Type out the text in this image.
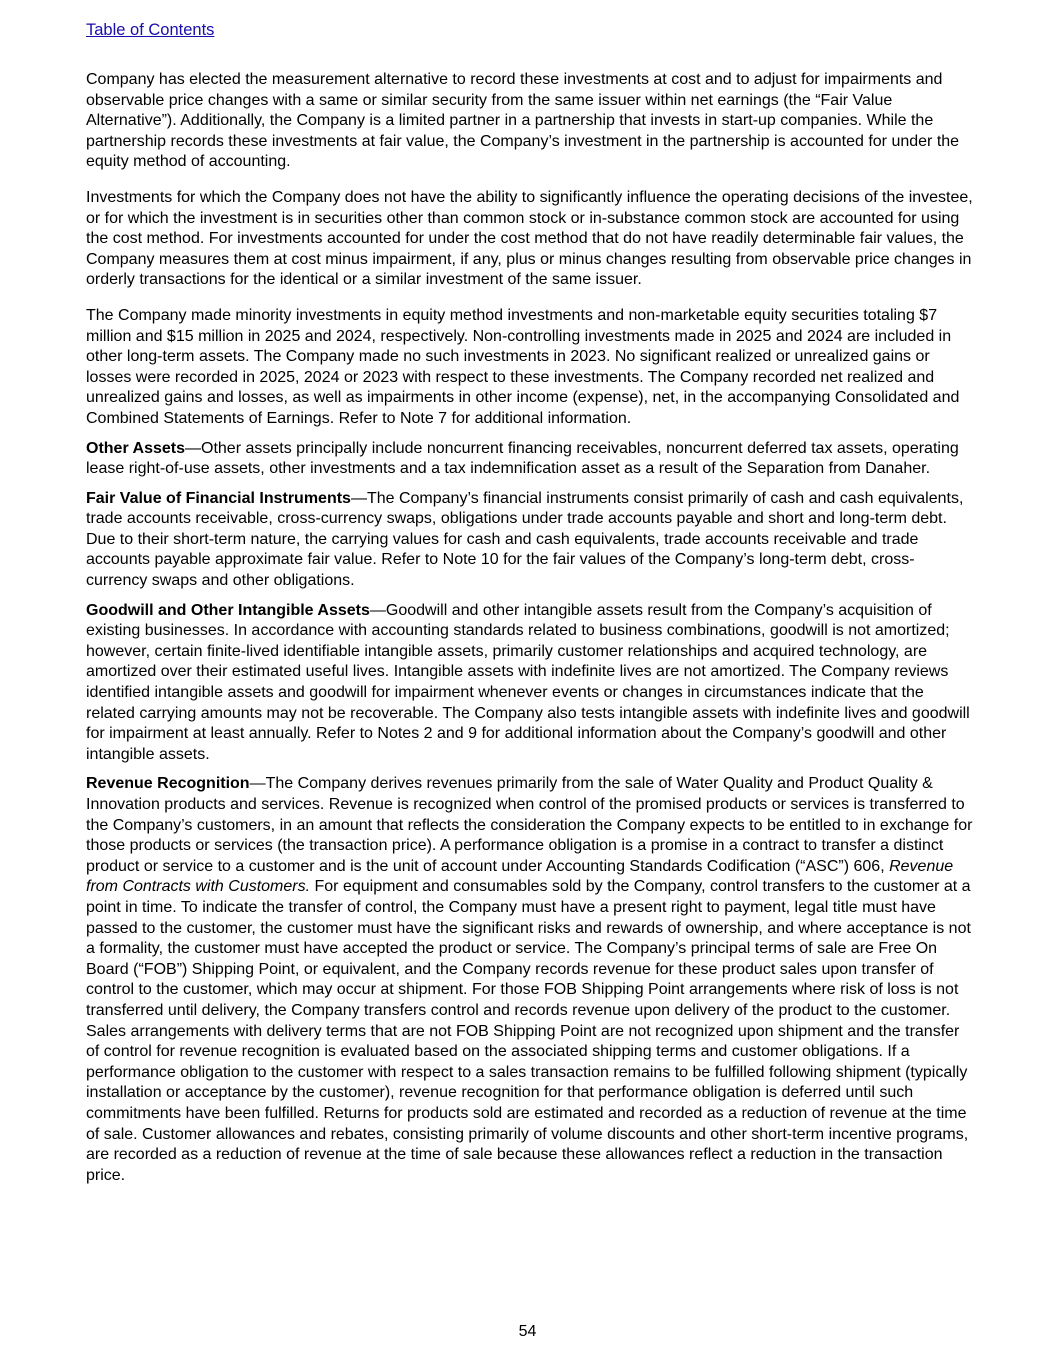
Table of Contents

Company has elected the measurement alternative to record these investments at cost and to adjust for impairments and observable price changes with a same or similar security from the same issuer within net earnings (the “Fair Value Alternative”). Additionally, the Company is a limited partner in a partnership that invests in start-up companies. While the partnership records these investments at fair value, the Company’s investment in the partnership is accounted for under the equity method of accounting.

Investments for which the Company does not have the ability to significantly influence the operating decisions of the investee, or for which the investment is in securities other than common stock or in-substance common stock are accounted for using the cost method. For investments accounted for under the cost method that do not have readily determinable fair values, the Company measures them at cost minus impairment, if any, plus or minus changes resulting from observable price changes in orderly transactions for the identical or a similar investment of the same issuer.

The Company made minority investments in equity method investments and non-marketable equity securities totaling $7 million and $15 million in 2025 and 2024, respectively. Non-controlling investments made in 2025 and 2024 are included in other long-term assets. The Company made no such investments in 2023. No significant realized or unrealized gains or losses were recorded in 2025, 2024 or 2023 with respect to these investments. The Company recorded net realized and unrealized gains and losses, as well as impairments in other income (expense), net, in the accompanying Consolidated and Combined Statements of Earnings. Refer to Note 7 for additional information.

Other Assets—Other assets principally include noncurrent financing receivables, noncurrent deferred tax assets, operating lease right-of-use assets, other investments and a tax indemnification asset as a result of the Separation from Danaher.

Fair Value of Financial Instruments—The Company’s financial instruments consist primarily of cash and cash equivalents, trade accounts receivable, cross-currency swaps, obligations under trade accounts payable and short and long-term debt. Due to their short-term nature, the carrying values for cash and cash equivalents, trade accounts receivable and trade accounts payable approximate fair value. Refer to Note 10 for the fair values of the Company’s long-term debt, cross-currency swaps and other obligations.

Goodwill and Other Intangible Assets—Goodwill and other intangible assets result from the Company’s acquisition of existing businesses. In accordance with accounting standards related to business combinations, goodwill is not amortized; however, certain finite-lived identifiable intangible assets, primarily customer relationships and acquired technology, are amortized over their estimated useful lives. Intangible assets with indefinite lives are not amortized. The Company reviews identified intangible assets and goodwill for impairment whenever events or changes in circumstances indicate that the related carrying amounts may not be recoverable. The Company also tests intangible assets with indefinite lives and goodwill for impairment at least annually. Refer to Notes 2 and 9 for additional information about the Company’s goodwill and other intangible assets.

Revenue Recognition—The Company derives revenues primarily from the sale of Water Quality and Product Quality & Innovation products and services. Revenue is recognized when control of the promised products or services is transferred to the Company’s customers, in an amount that reflects the consideration the Company expects to be entitled to in exchange for those products or services (the transaction price). A performance obligation is a promise in a contract to transfer a distinct product or service to a customer and is the unit of account under Accounting Standards Codification (“ASC”) 606, Revenue from Contracts with Customers. For equipment and consumables sold by the Company, control transfers to the customer at a point in time. To indicate the transfer of control, the Company must have a present right to payment, legal title must have passed to the customer, the customer must have the significant risks and rewards of ownership, and where acceptance is not a formality, the customer must have accepted the product or service. The Company’s principal terms of sale are Free On Board (“FOB”) Shipping Point, or equivalent, and the Company records revenue for these product sales upon transfer of control to the customer, which may occur at shipment. For those FOB Shipping Point arrangements where risk of loss is not transferred until delivery, the Company transfers control and records revenue upon delivery of the product to the customer. Sales arrangements with delivery terms that are not FOB Shipping Point are not recognized upon shipment and the transfer of control for revenue recognition is evaluated based on the associated shipping terms and customer obligations. If a performance obligation to the customer with respect to a sales transaction remains to be fulfilled following shipment (typically installation or acceptance by the customer), revenue recognition for that performance obligation is deferred until such commitments have been fulfilled. Returns for products sold are estimated and recorded as a reduction of revenue at the time of sale. Customer allowances and rebates, consisting primarily of volume discounts and other short-term incentive programs, are recorded as a reduction of revenue at the time of sale because these allowances reflect a reduction in the transaction price.

54
